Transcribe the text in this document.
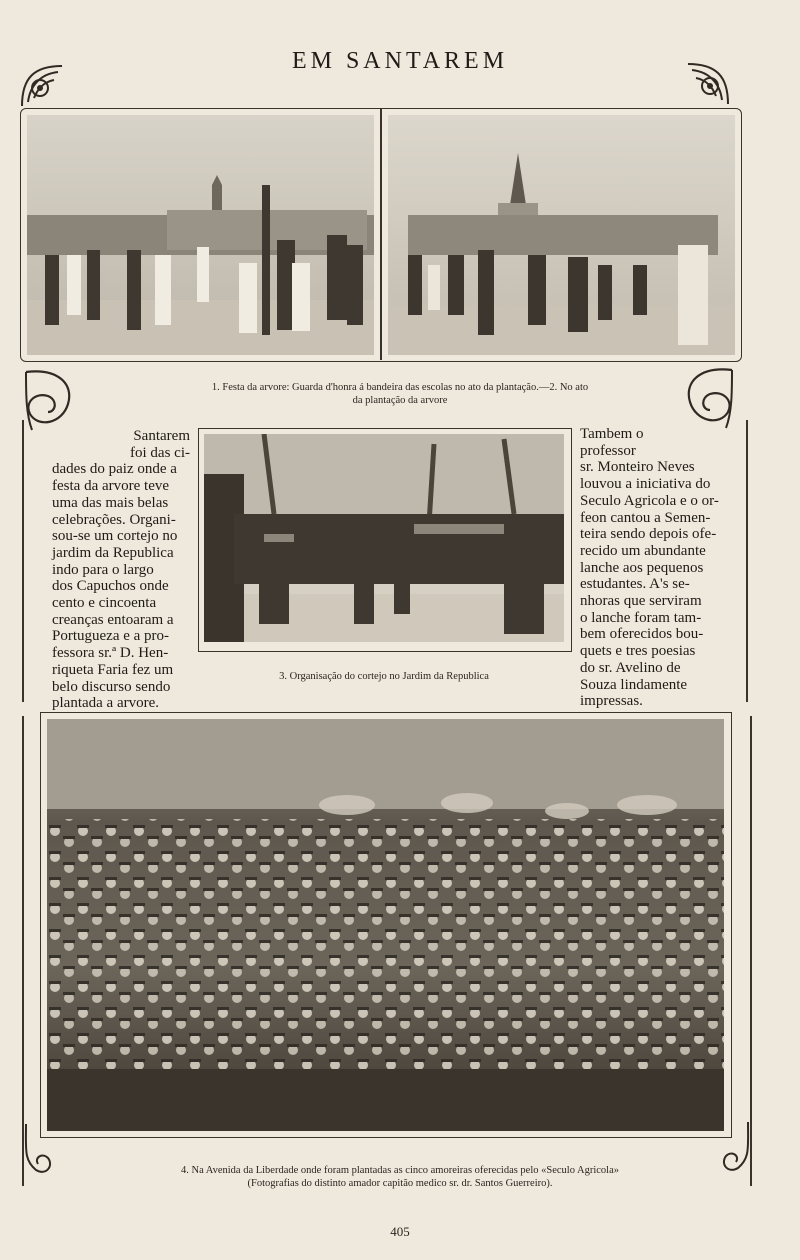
EM SANTAREM
1. Festa da arvore: Guarda d'honra á bandeira das escolas no ato da plantação.—2. No ato
da plantação da arvore
Santarem
foi das ci-
dades do paiz onde a
festa da arvore teve
uma das mais belas
celebrações. Organi-
sou-se um cortejo no
jardim da Republica
indo para o largo
dos Capuchos onde
cento e cincoenta
creanças entoaram a
Portugueza e a pro-
fessora sr.ª D. Hen-
riqueta Faria fez um
belo discurso sendo
plantada a arvore.
3. Organisação do cortejo no Jardim da Republica
Tambem o
professor
sr. Monteiro Neves
louvou a iniciativa do
Seculo Agricola e o or-
feon cantou a Semen-
teira sendo depois ofe-
recido um abundante
lanche aos pequenos
estudantes. A's se-
nhoras que serviram
o lanche foram tam-
bem oferecidos bou-
quets e tres poesias
do sr. Avelino de
Souza lindamente
impressas.
4. Na Avenida da Liberdade onde foram plantadas as cinco amoreiras oferecidas pelo «Seculo Agricola»
(Fotografias do distinto amador capitão medico sr. dr. Santos Guerreiro).
405
